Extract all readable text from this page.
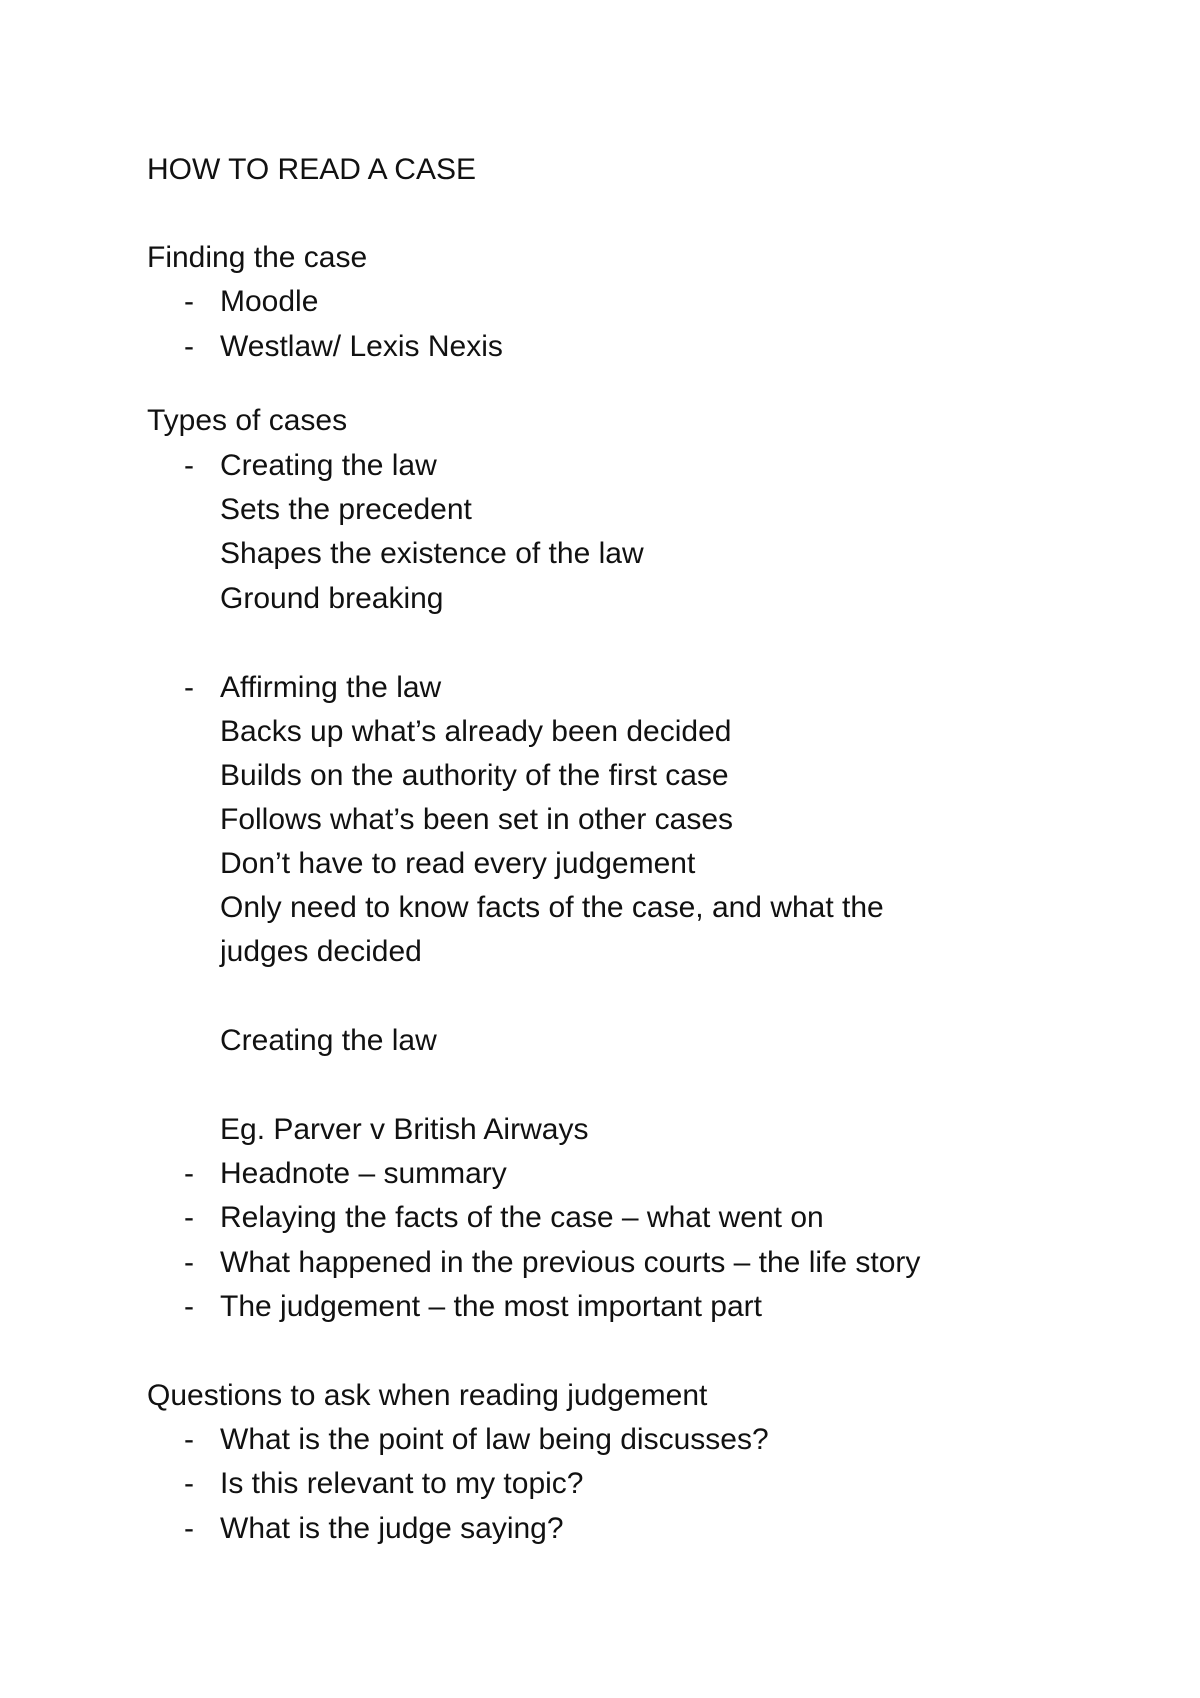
HOW TO READ A CASE
Finding the case
- Moodle
- Westlaw/ Lexis Nexis
Types of cases
- Creating the law
Sets the precedent
Shapes the existence of the law
Ground breaking
- Affirming the law
Backs up what’s already been decided
Builds on the authority of the first case
Follows what’s been set in other cases
Don’t have to read every judgement
Only need to know facts of the case, and what the
judges decided
Creating the law
Eg. Parver v British Airways
- Headnote – summary
- Relaying the facts of the case – what went on
- What happened in the previous courts – the life story
- The judgement – the most important part
Questions to ask when reading judgement
- What is the point of law being discusses?
- Is this relevant to my topic?
- What is the judge saying?
